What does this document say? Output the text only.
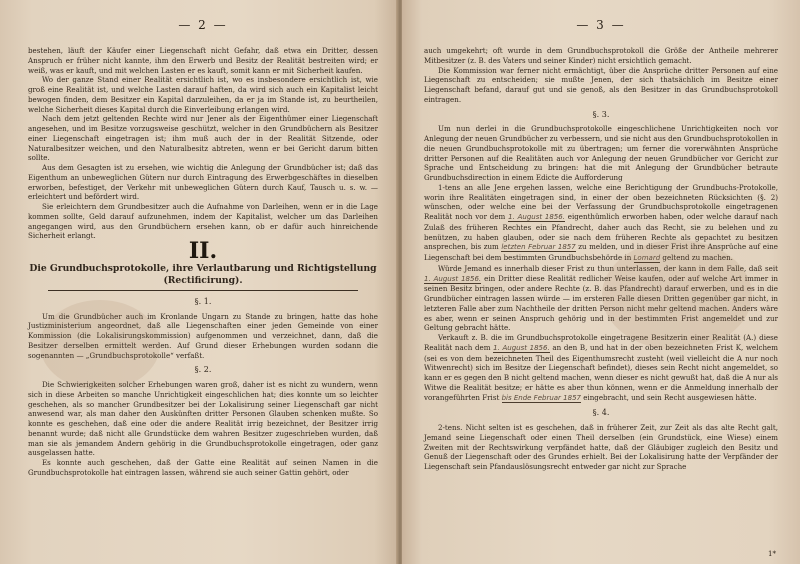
— 2 —

bestehen, läuft der Käufer einer Liegenschaft nicht Gefahr, daß etwa ein Dritter, dessen Anspruch er früher nicht kannte, ihm den Erwerb und Besitz der Realität bestreiten wird; er weiß, was er kauft, und mit welchen Lasten er es kauft, somit kann er mit Sicherheit kaufen.

Wo der ganze Stand einer Realität ersichtlich ist, wo es insbesondere ersichtlich ist, wie groß eine Realität ist, und welche Lasten darauf haften, da wird sich auch ein Kapitalist leicht bewogen finden, dem Besitzer ein Kapital darzuleihen, da er ja im Stande ist, zu beurtheilen, welche Sicherheit dieses Kapital durch die Einverleibung erlangen wird.

Nach dem jetzt geltenden Rechte wird nur Jener als der Eigenthümer einer Liegenschaft angesehen, und im Besitze vorzugsweise geschützt, welcher in den Grundbüchern als Besitzer einer Liegenschaft eingetragen ist; ihm muß auch der in der Realität Sitzende, oder Naturalbesitzer weichen, und den Naturalbesitz abtreten, wenn er bei Gericht darum bitten sollte.

Aus dem Gesagten ist zu ersehen, wie wichtig die Anlegung der Grundbücher ist; daß das Eigenthum an unbeweglichen Gütern nur durch Eintragung des Erwerbgeschäftes in dieselben erworben, befestiget, der Verkehr mit unbeweglichen Gütern durch Kauf, Tausch u. s. w. — erleichtert und befördert wird.

Sie erleichtern dem Grundbesitzer auch die Aufnahme von Darleihen, wenn er in die Lage kommen sollte, Geld darauf aufzunehmen, indem der Kapitalist, welcher um das Darleihen angegangen wird, aus den Grundbüchern ersehen kann, ob er dafür auch hinreichende Sicherheit erlangt.

II.
Die Grundbuchsprotokolle, ihre Verlautbarung und Richtigstellung (Rectificirung).

§. 1.

Um die Grundbücher auch im Kronlande Ungarn zu Stande zu bringen, hatte das hohe Justizministerium angeordnet, daß alle Liegenschaften einer jeden Gemeinde von einer Kommission (die Lokalisirungskommission) aufgenommen und verzeichnet, dann, daß die Besitzer derselben ermittelt werden. Auf Grund dieser Erhebungen wurden sodann die sogenannten — „Grundbuchsprotokolle“ verfaßt.

§. 2.

Die Schwierigkeiten solcher Erhebungen waren groß, daher ist es nicht zu wundern, wenn sich in diese Arbeiten so manche Unrichtigkeit eingeschlichen hat; dies konnte um so leichter geschehen, als so mancher Grundbesitzer bei der Lokalisirung seiner Liegenschaft gar nicht anwesend war, als man daher den Auskünften dritter Personen Glauben schenken mußte. So konnte es geschehen, daß eine oder die andere Realität irrig bezeichnet, der Besitzer irrig benannt wurde; daß nicht alle Grundstücke dem wahren Besitzer zugeschrieben wurden, daß man sie als jemandem Andern gehörig in die Grundbuchsprotokolle eingetragen, oder ganz ausgelassen hatte.

Es konnte auch geschehen, daß der Gatte eine Realität auf seinen Namen in die Grundbuchsprotokolle hat eintragen lassen, während sie auch seiner Gattin gehört, oder

— 3 —

auch umgekehrt; oft wurde in dem Grundbuchsprotokoll die Größe der Antheile mehrerer Mitbesitzer (z. B. des Vaters und seiner Kinder) nicht ersichtlich gemacht.

Die Kommission war ferner nicht ermächtigt, über die Ansprüche dritter Personen auf eine Liegenschaft zu entscheiden; sie mußte Jenen, der sich thatsächlich im Besitze einer Liegenschaft befand, darauf gut und sie genoß, als den Besitzer in das Grundbuchsprotokoll eintragen.

§. 3.

Um nun derlei in die Grundbuchsprotokolle eingeschlichene Unrichtigkeiten noch vor Anlegung der neuen Grundbücher zu verbessern, und sie nicht aus den Grundbuchsprotokollen in die neuen Grundbuchsprotokolle mit zu übertragen; um ferner die vorerwähnten Ansprüche dritter Personen auf die Realitäten auch vor Anlegung der neuen Grundbücher vor Gericht zur Sprache und Entscheidung zu bringen: hat die mit Anlegung der Grundbücher betraute Grundbuchsdirection in einem Edicte die Aufforderung

1-tens an alle Jene ergehen lassen, welche eine Berichtigung der Grundbuchs-Protokolle, worin ihre Realitäten eingetragen sind, in einer der oben bezeichneten Rücksichten (§. 2) wünschen, oder welche eine bei der Verfassung der Grundbuchsprotokolle eingetragenen Realität noch vor dem 1. August 1856. eigenthümlich erworben haben, oder welche darauf nach Zulaß des früheren Rechtes ein Pfandrecht, daher auch das Recht, sie zu belehen und zu benützen, zu haben glauben, oder sie nach dem früheren Rechte als gepachtet zu besitzen ansprechen, bis zum letzten Februar 1857 zu melden, und in dieser Frist ihre Ansprüche auf eine Liegenschaft bei dem bestimmten Grundbuchsbehörde in Lomard geltend zu machen.

Würde Jemand es innerhalb dieser Frist zu thun unterlassen, der kann in dem Falle, daß seit 1. August 1856. ein Dritter diese Realität redlicher Weise kaufen, oder auf welche Art immer in seinen Besitz bringen, oder andere Rechte (z. B. das Pfandrecht) darauf erwerben, und es in die Grundbücher eintragen lassen würde — im ersteren Falle diesen Dritten gegenüber gar nicht, in letzteren Falle aber zum Nachtheile der dritten Person nicht mehr geltend machen. Anders wäre es aber, wenn er seinen Anspruch gehörig und in der bestimmten Frist angemeldet und zur Geltung gebracht hätte.

Verkauft z. B. die im Grundbuchsprotokolle eingetragene Besitzerin einer Realität (A.) diese Realität nach dem 1. August 1856. an den B, und hat in der oben bezeichneten Frist K, welchem (sei es von dem bezeichneten Theil des Eigenthumsrecht zusteht (weil vielleicht die A nur noch Witwenrecht) sich im Besitze der Liegenschaft befindet), dieses sein Recht nicht angemeldet, so kann er es gegen den B nicht geltend machen, wenn dieser es nicht gewußt hat, daß die A nur als Witwe die Realität besitze; er hätte es aber thun können, wenn er die Anmeldung innerhalb der vorangeführten Frist bis Ende Februar 1857 eingebracht, und sein Recht ausgewiesen hätte.

§. 4.

2-tens. Nicht selten ist es geschehen, daß in früherer Zeit, zur Zeit als das alte Recht galt, Jemand seine Liegenschaft oder einen Theil derselben (ein Grundstück, eine Wiese) einem Zweiten mit der Rechtswirkung verpfändet hatte, daß der Gläubiger zugleich den Besitz und Genuß der Liegenschaft oder des Grundes erhielt. Bei der Lokalisirung hatte der Verpfänder der Liegenschaft sein Pfandauslösungsrecht entweder gar nicht zur Sprache

1*
